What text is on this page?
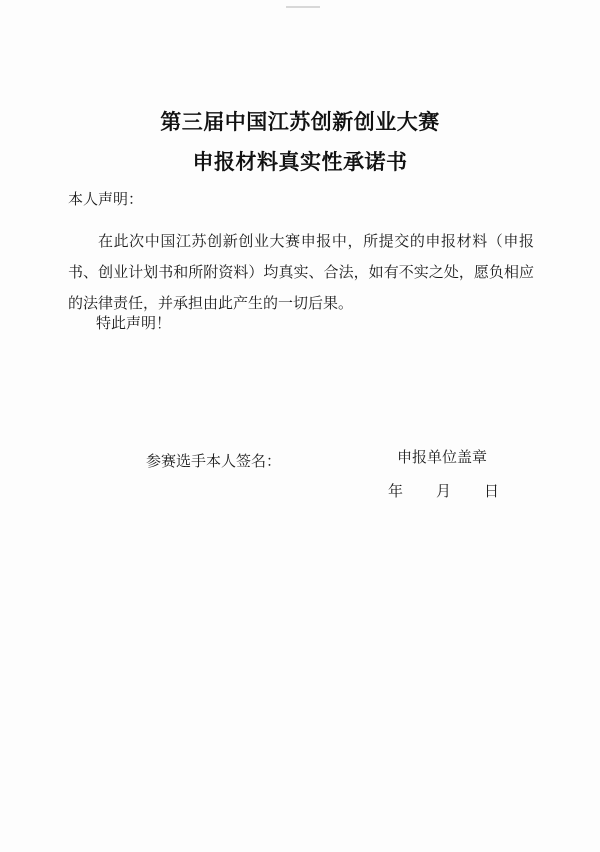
第三届中国江苏创新创业大赛
申报材料真实性承诺书
本人声明：
在此次中国江苏创新创业大赛申报中，所提交的申报材料（申报书、创业计划书和所附资料）均真实、合法，如有不实之处，愿负相应的法律责任，并承担由此产生的一切后果。
特此声明！
参赛选手本人签名：	申报单位盖章
年 月 日
